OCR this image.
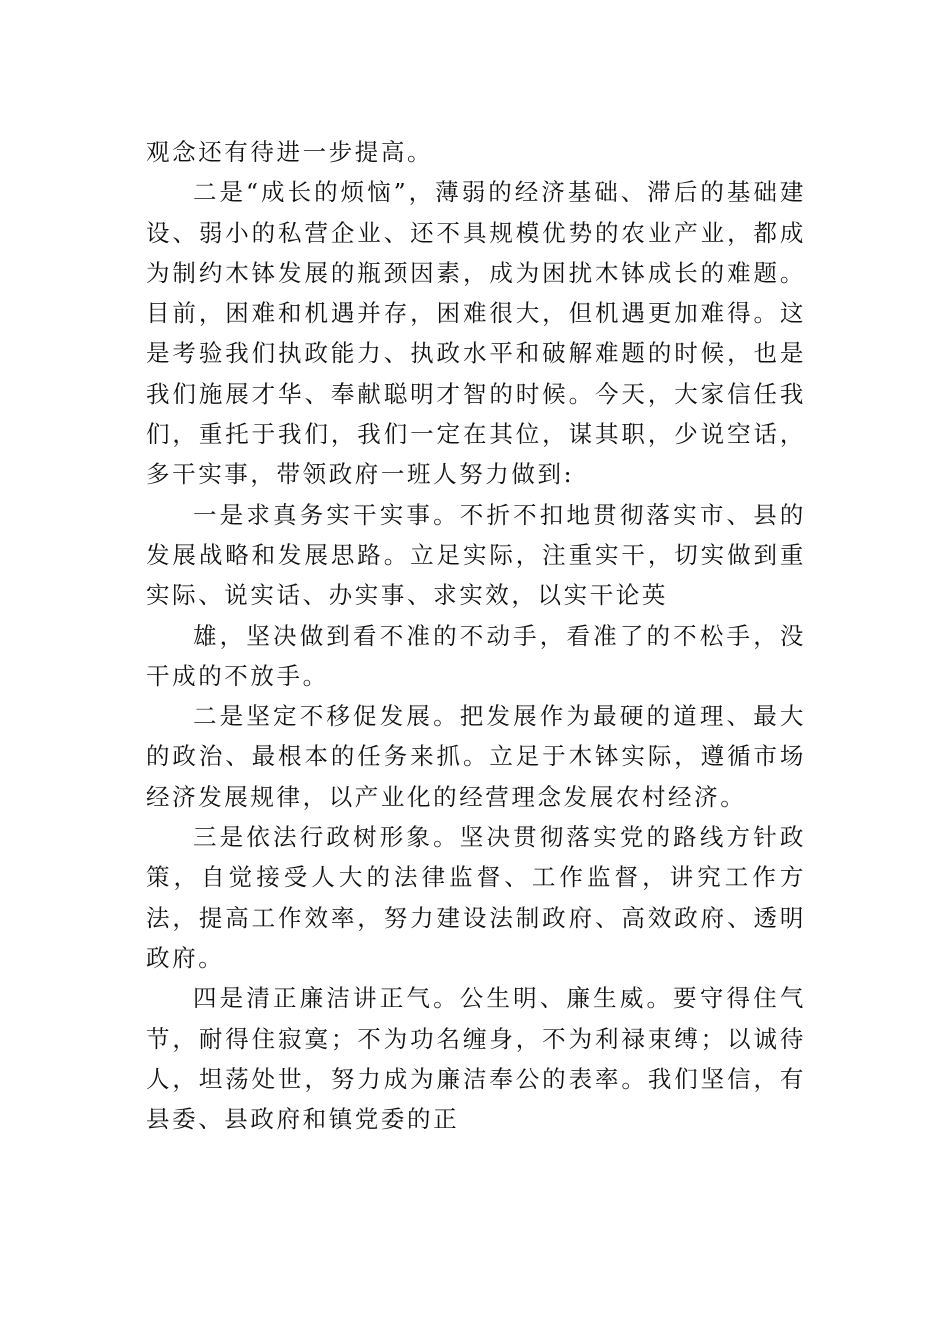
观念还有待进一步提高。

二是“成长的烦恼”，薄弱的经济基础、滞后的基础建设、弱小的私营企业、还不具规模优势的农业产业，都成为制约木钵发展的瓶颈因素，成为困扰木钵成长的难题。目前，困难和机遇并存，困难很大，但机遇更加难得。这是考验我们执政能力、执政水平和破解难题的时候，也是我们施展才华、奉献聪明才智的时候。今天，大家信任我们，重托于我们，我们一定在其位，谋其职，少说空话，多干实事，带领政府一班人努力做到:

一是求真务实干实事。不折不扣地贯彻落实市、县的发展战略和发展思路。立足实际，注重实干，切实做到重实际、说实话、办实事、求实效，以实干论英

雄，坚决做到看不准的不动手，看准了的不松手，没干成的不放手。

二是坚定不移促发展。把发展作为最硬的道理、最大的政治、最根本的任务来抓。立足于木钵实际，遵循市场经济发展规律，以产业化的经营理念发展农村经济。

三是依法行政树形象。坚决贯彻落实党的路线方针政策，自觉接受人大的法律监督、工作监督，讲究工作方法，提高工作效率，努力建设法制政府、高效政府、透明政府。

四是清正廉洁讲正气。公生明、廉生威。要守得住气节，耐得住寂寞；不为功名缠身，不为利禄束缚；以诚待人，坦荡处世，努力成为廉洁奉公的表率。我们坚信，有县委、县政府和镇党委的正
